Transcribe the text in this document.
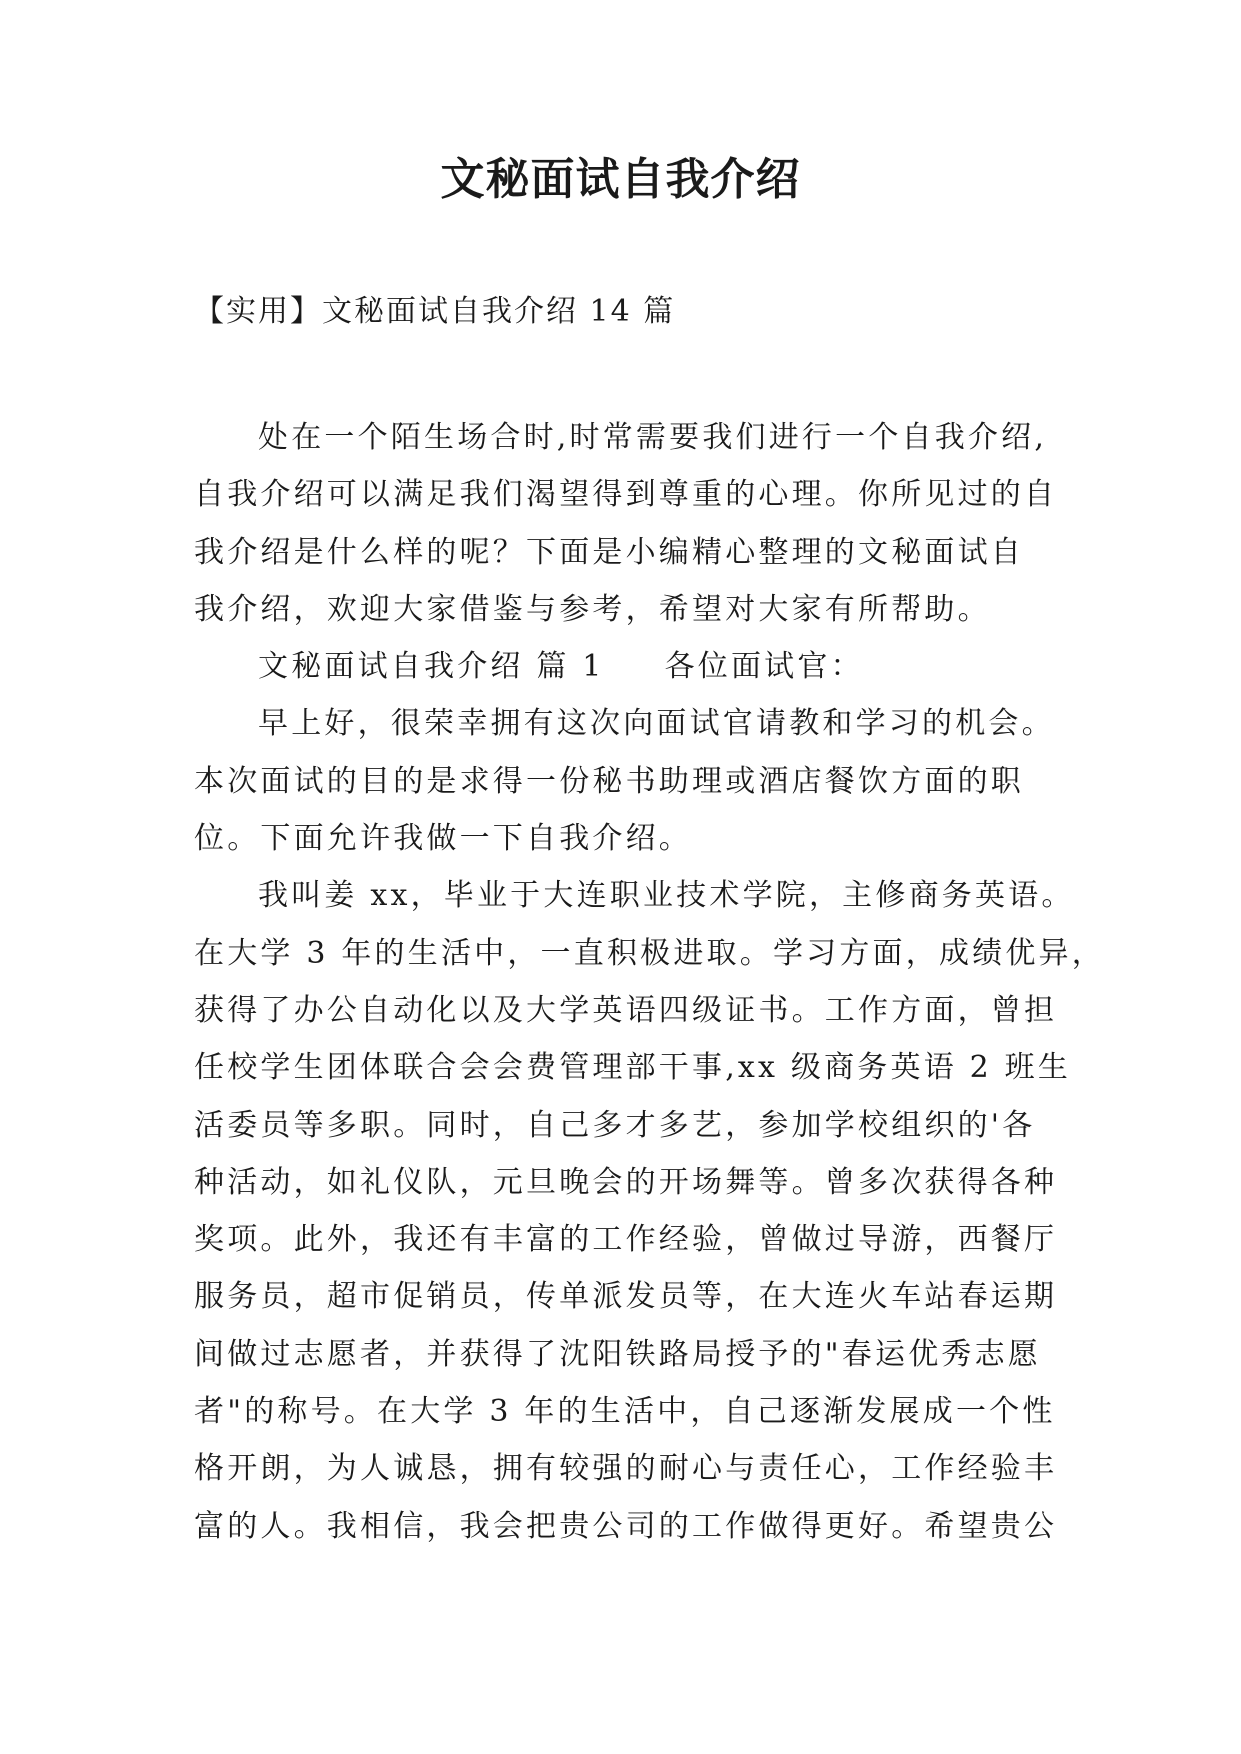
文秘面试自我介绍

【实用】文秘面试自我介绍 14 篇

处在一个陌生场合时,时常需要我们进行一个自我介绍,
自我介绍可以满足我们渴望得到尊重的心理。你所见过的自
我介绍是什么样的呢？下面是小编精心整理的文秘面试自
我介绍，欢迎大家借鉴与参考，希望对大家有所帮助。
文秘面试自我介绍 篇 1 各位面试官：
早上好，很荣幸拥有这次向面试官请教和学习的机会。
本次面试的目的是求得一份秘书助理或酒店餐饮方面的职
位。下面允许我做一下自我介绍。
我叫姜 xx，毕业于大连职业技术学院，主修商务英语。
在大学 3 年的生活中，一直积极进取。学习方面，成绩优异，
获得了办公自动化以及大学英语四级证书。工作方面，曾担
任校学生团体联合会会费管理部干事,xx 级商务英语 2 班生
活委员等多职。同时，自己多才多艺，参加学校组织的'各
种活动，如礼仪队，元旦晚会的开场舞等。曾多次获得各种
奖项。此外，我还有丰富的工作经验，曾做过导游，西餐厅
服务员，超市促销员，传单派发员等，在大连火车站春运期
间做过志愿者，并获得了沈阳铁路局授予的"春运优秀志愿
者"的称号。在大学 3 年的生活中，自己逐渐发展成一个性
格开朗，为人诚恳，拥有较强的耐心与责任心，工作经验丰
富的人。我相信，我会把贵公司的工作做得更好。希望贵公
